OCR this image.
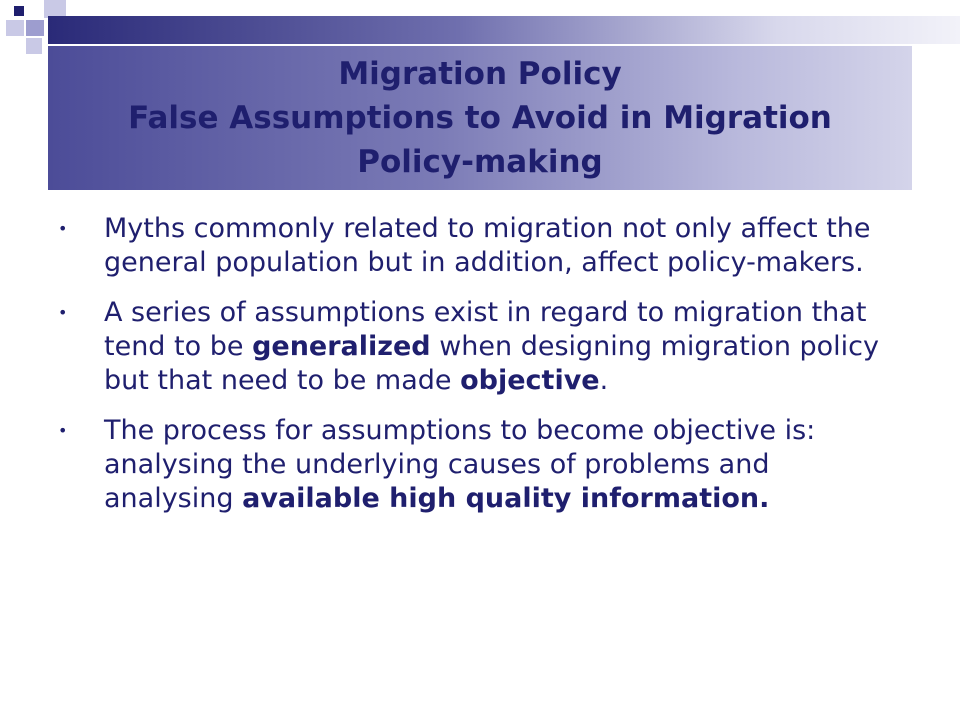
Migration Policy
False Assumptions to Avoid in Migration
Policy-making
• Myths commonly related to migration not only affect the general population but in addition, affect policy-makers.
• A series of assumptions exist in regard to migration that tend to be generalized when designing migration policy but that need to be made objective.
• The process for assumptions to become objective is: analysing the underlying causes of problems and analysing available high quality information.
